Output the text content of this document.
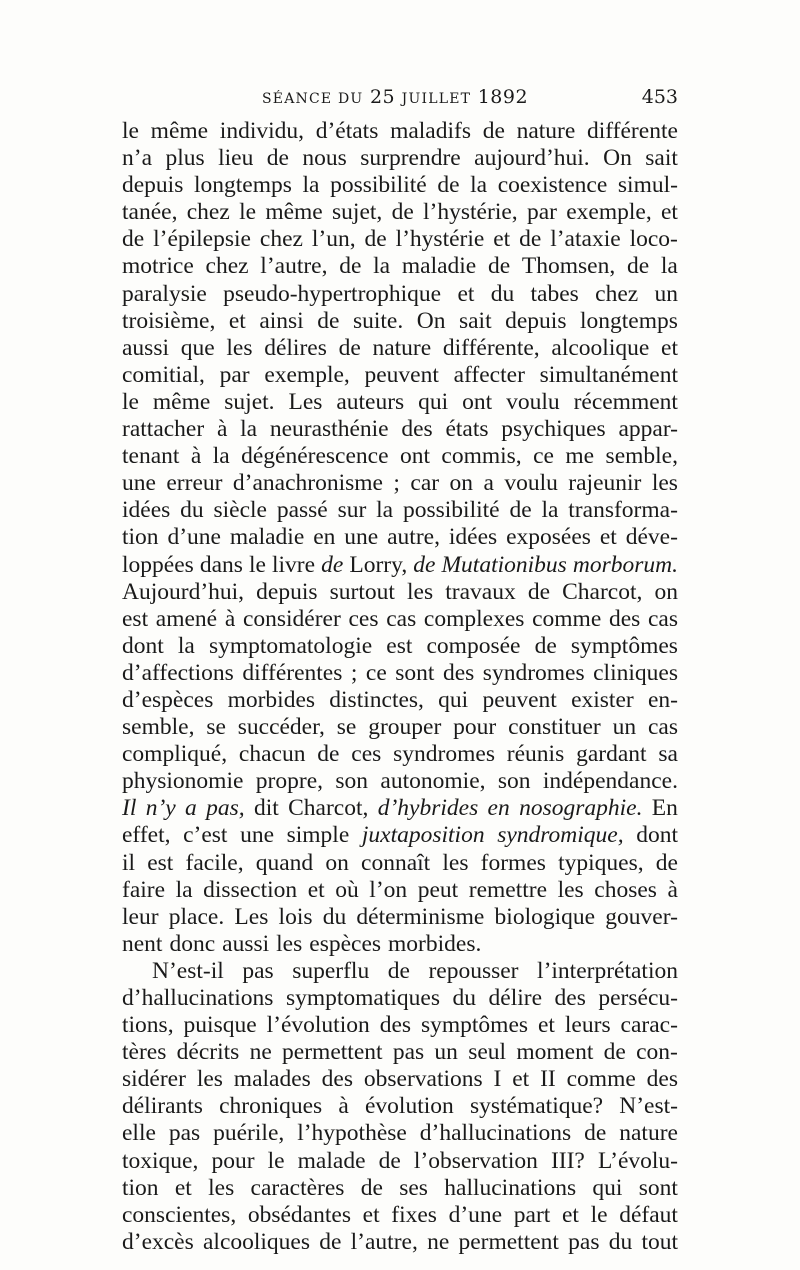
SÉANCE DU 25 JUILLET 1892	453
le même individu, d’états maladifs de nature différente
n’a plus lieu de nous surprendre aujourd’hui. On sait
depuis longtemps la possibilité de la coexistence simul-
tanée, chez le même sujet, de l’hystérie, par exemple, et
de l’épilepsie chez l’un, de l’hystérie et de l’ataxie loco-
motrice chez l’autre, de la maladie de Thomsen, de la
paralysie pseudo-hypertrophique et du tabes chez un
troisième, et ainsi de suite. On sait depuis longtemps
aussi que les délires de nature différente, alcoolique et
comitial, par exemple, peuvent affecter simultanément
le même sujet. Les auteurs qui ont voulu récemment
rattacher à la neurasthénie des états psychiques appar-
tenant à la dégénérescence ont commis, ce me semble,
une erreur d’anachronisme ; car on a voulu rajeunir les
idées du siècle passé sur la possibilité de la transforma-
tion d’une maladie en une autre, idées exposées et déve-
loppées dans le livre de Lorry, de Mutationibus morborum.
Aujourd’hui, depuis surtout les travaux de Charcot, on
est amené à considérer ces cas complexes comme des cas
dont la symptomatologie est composée de symptômes
d’affections différentes ; ce sont des syndromes cliniques
d’espèces morbides distinctes, qui peuvent exister en-
semble, se succéder, se grouper pour constituer un cas
compliqué, chacun de ces syndromes réunis gardant sa
physionomie propre, son autonomie, son indépendance.
Il n’y a pas, dit Charcot, d’hybrides en nosographie. En
effet, c’est une simple juxtaposition syndromique, dont
il est facile, quand on connaît les formes typiques, de
faire la dissection et où l’on peut remettre les choses à
leur place. Les lois du déterminisme biologique gouver-
nent donc aussi les espèces morbides.
N’est-il pas superflu de repousser l’interprétation
d’hallucinations symptomatiques du délire des persécu-
tions, puisque l’évolution des symptômes et leurs carac-
tères décrits ne permettent pas un seul moment de con-
sidérer les malades des observations I et II comme des
délirants chroniques à évolution systématique? N’est-
elle pas puérile, l’hypothèse d’hallucinations de nature
toxique, pour le malade de l’observation III? L’évolu-
tion et les caractères de ses hallucinations qui sont
conscientes, obsédantes et fixes d’une part et le défaut
d’excès alcooliques de l’autre, ne permettent pas du tout
